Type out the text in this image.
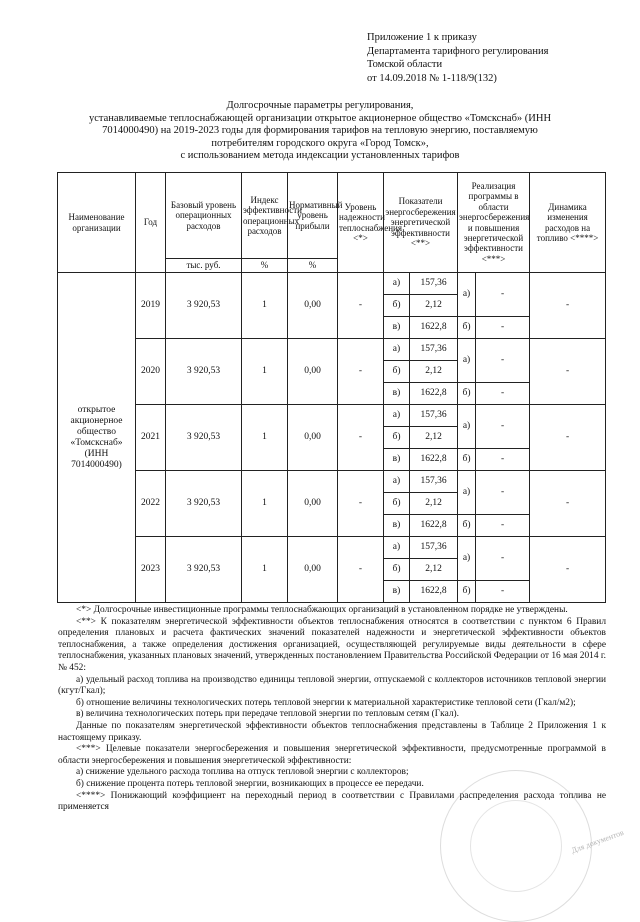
Приложение 1 к приказу
Департамента тарифного регулирования
Томской области
от 14.09.2018 № 1-118/9(132)
Долгосрочные параметры регулирования,
устанавливаемые теплоснабжающей организации открытое акционерное общество «Томскснаб» (ИНН
7014000490) на 2019-2023 годы для формирования тарифов на тепловую энергию, поставляемую
потребителям городского округа «Город Томск»,
с использованием метода индексации установленных тарифов
Наименование организации	Год	Базовый уровень операционных расходов	Индекс эффективности операционных расходов	Нормативный уровень прибыли	Уровень надежности теплоснабжения <*>	Показатели энергосбережения энергетической эффективности <**>		Реализация программы в области энергосбережения и повышения энергетической эффективности <***>		Динамика изменения расходов на топливо <****>
		тыс. руб.	%	%						
открытое акционерное общество «Томскснаб» (ИНН 7014000490)	2019	3 920,53	1	0,00	-	а)	157,36	а)	-	-
						б)	2,12			
						в)	1622,8	б)	-	
	2020	3 920,53	1	0,00	-	а)	157,36	а)	-	-
						б)	2,12			
						в)	1622,8	б)	-	
	2021	3 920,53	1	0,00	-	а)	157,36	а)	-	-
						б)	2,12			
						в)	1622,8	б)	-	
	2022	3 920,53	1	0,00	-	а)	157,36	а)	-	-
						б)	2,12			
						в)	1622,8	б)	-	
	2023	3 920,53	1	0,00	-	а)	157,36	а)	-	-
						б)	2,12			
						в)	1622,8	б)	-	

<*> Долгосрочные инвестиционные программы теплоснабжающих организаций в установленном порядке не утверждены.

<**> К показателям энергетической эффективности объектов теплоснабжения относятся в соответствии с пунктом 6 Правил определения плановых и расчета фактических значений показателей надежности и энергетической эффективности объектов теплоснабжения, а также определения достижения организацией, осуществляющей регулируемые виды деятельности в сфере теплоснабжения, указанных плановых значений, утвержденных постановлением Правительства Российской Федерации от 16 мая 2014 г. № 452:

а) удельный расход топлива на производство единицы тепловой энергии, отпускаемой с коллекторов источников тепловой энергии (кгут/Гкал);

б) отношение величины технологических потерь тепловой энергии к материальной характеристике тепловой сети (Гкал/м2);

в) величина технологических потерь при передаче тепловой энергии по тепловым сетям (Гкал).

Данные по показателям энергетической эффективности объектов теплоснабжения представлены в Таблице 2 Приложения 1 к настоящему приказу.

<***> Целевые показатели энергосбережения и повышения энергетической эффективности, предусмотренные программой в области энергосбережения и повышения энергетической эффективности:

а) снижение удельного расхода топлива на отпуск тепловой энергии с коллекторов;

б) снижение процента потерь тепловой энергии, возникающих в процессе ее передачи.

<****> Понижающий коэффициент на переходный период в соответствии с Правилами распределения расхода топлива не применяется

Для документов
